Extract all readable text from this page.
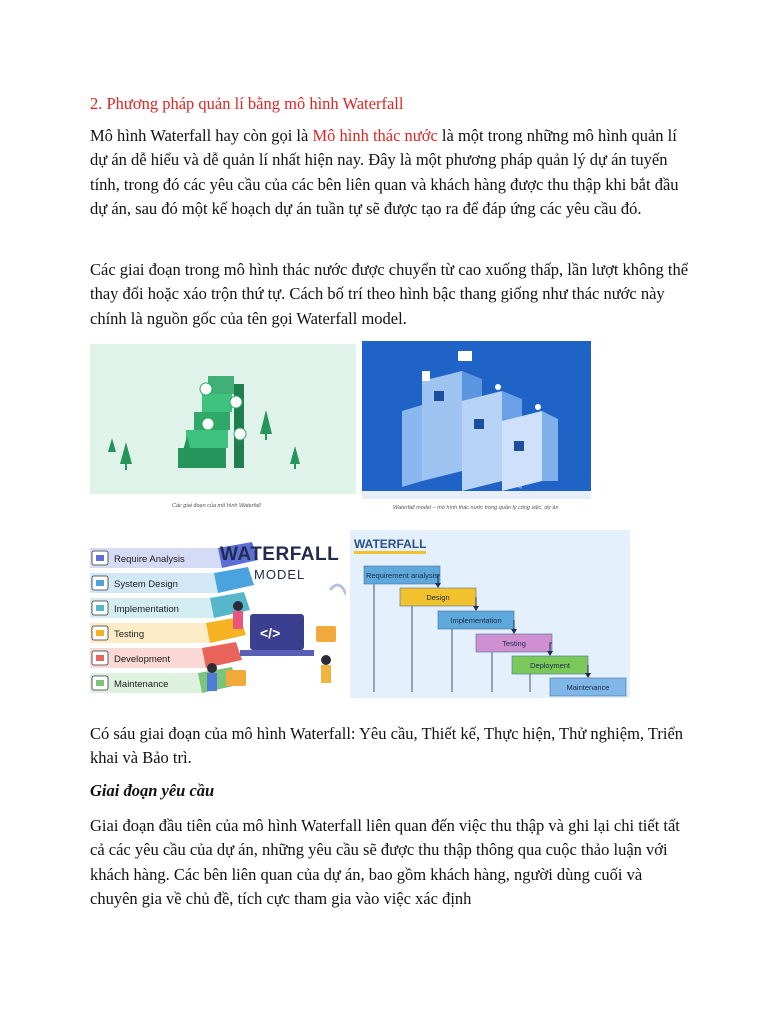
2. Phương pháp quản lí bằng mô hình Waterfall

Mô hình Waterfall hay còn gọi là Mô hình thác nước là một trong những mô hình quản lí dự án dễ hiểu và dễ quản lí nhất hiện nay. Đây là một phương pháp quản lý dự án tuyến tính, trong đó các yêu cầu của các bên liên quan và khách hàng được thu thập khi bắt đầu dự án, sau đó một kế hoạch dự án tuần tự sẽ được tạo ra để đáp ứng các yêu cầu đó.

Các giai đoạn trong mô hình thác nước được chuyển từ cao xuống thấp, lần lượt không thể thay đổi hoặc xáo trộn thứ tự. Cách bố trí theo hình bậc thang giống như thác nước này chính là nguồn gốc của tên gọi Waterfall model.

Các giai đoạn của mô hình Waterfall	Waterfall model – mô hình thác nước trong quản lý công việc, dự án
Require Analysis
System Design
Implementation
Testing
Development
Maintenance
</>
WATERFALL
MODEL
WATERFALL
Requirement analysis
Design
Implementation
Testing
Deployment
Maintenance

Có sáu giai đoạn của mô hình Waterfall: Yêu cầu, Thiết kế, Thực hiện, Thử nghiệm, Triển khai và Bảo trì.

Giai đoạn yêu cầu

Giai đoạn đầu tiên của mô hình Waterfall liên quan đến việc thu thập và ghi lại chi tiết tất cả các yêu cầu của dự án, những yêu cầu sẽ được thu thập thông qua cuộc thảo luận với khách hàng. Các bên liên quan của dự án, bao gồm khách hàng, người dùng cuối và chuyên gia về chủ đề, tích cực tham gia vào việc xác định
